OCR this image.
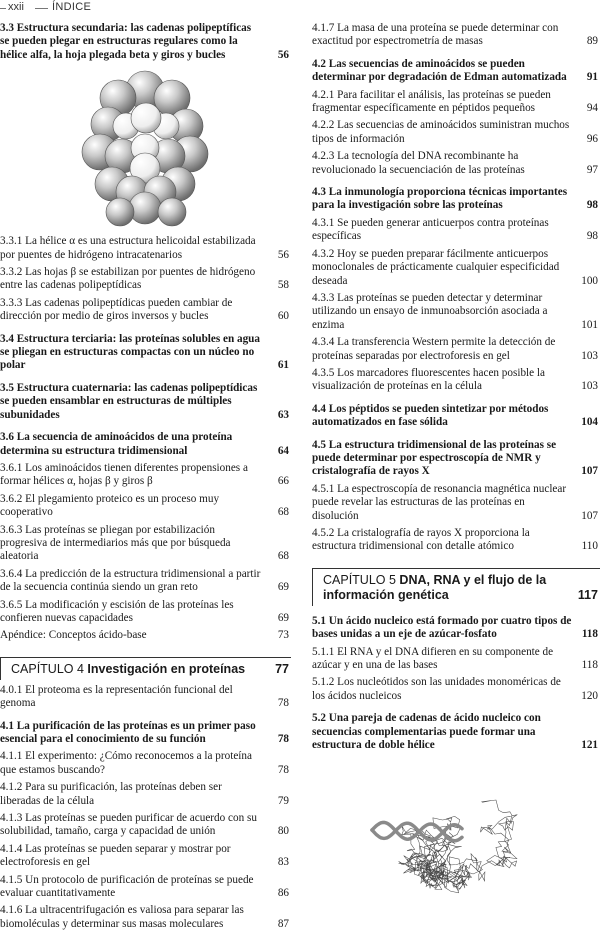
xxii	ÍNDICE
3.3 Estructura secundaria: las cadenas polipeptíficas se pueden plegar en estructuras regulares como la hélice alfa, la hoja plegada beta y giros y bucles	56
3.3.1 La hélice α es una estructura helicoidal estabilizada por puentes de hidrógeno intracatenarios	56
3.3.2 Las hojas β se estabilizan por puentes de hidrógeno entre las cadenas polipeptídicas	58
3.3.3 Las cadenas polipeptídicas pueden cambiar de dirección por medio de giros inversos y bucles	60
3.4 Estructura terciaria: las proteínas solubles en agua se pliegan en estructuras compactas con un núcleo no polar	61
3.5 Estructura cuaternaria: las cadenas polipeptídicas se pueden ensamblar en estructuras de múltiples subunidades	63
3.6 La secuencia de aminoácidos de una proteína determina su estructura tridimensional	64
3.6.1 Los aminoácidos tienen diferentes propensiones a formar hélices α, hojas β y giros β	66
3.6.2 El plegamiento proteico es un proceso muy cooperativo	68
3.6.3 Las proteínas se pliegan por estabilización progresiva de intermediarios más que por búsqueda aleatoria	68
3.6.4 La predicción de la estructura tridimensional a partir de la secuencia continúa siendo un gran reto	69
3.6.5 La modificación y escisión de las proteínas les confieren nuevas capacidades	69
Apéndice: Conceptos ácido-base	73
CAPÍTULO 4 Investigación en proteínas 77
4.0.1 El proteoma es la representación funcional del genoma	78
4.1 La purificación de las proteínas es un primer paso esencial para el conocimiento de su función	78
4.1.1 El experimento: ¿Cómo reconocemos a la proteína que estamos buscando?	78
4.1.2 Para su purificación, las proteínas deben ser liberadas de la célula	79
4.1.3 Las proteínas se pueden purificar de acuerdo con su solubilidad, tamaño, carga y capacidad de unión	80
4.1.4 Las proteínas se pueden separar y mostrar por electroforesis en gel	83
4.1.5 Un protocolo de purificación de proteínas se puede evaluar cuantitativamente	86
4.1.6 La ultracentrifugación es valiosa para separar las biomoléculas y determinar sus masas moleculares	87
4.1.7 La masa de una proteína se puede determinar con exactitud por espectrometría de masas	89
4.2 Las secuencias de aminoácidos se pueden determinar por degradación de Edman automatizada 91
4.2.1 Para facilitar el análisis, las proteínas se pueden fragmentar específicamente en péptidos pequeños	94
4.2.2 Las secuencias de aminoácidos suministran muchos tipos de información	96
4.2.3 La tecnología del DNA recombinante ha revolucionado la secuenciación de las proteínas	97
4.3 La inmunología proporciona técnicas importantes para la investigación sobre las proteínas	98
4.3.1 Se pueden generar anticuerpos contra proteínas específicas	98
4.3.2 Hoy se pueden preparar fácilmente anticuerpos monoclonales de prácticamente cualquier especificidad deseada	100
4.3.3 Las proteínas se pueden detectar y determinar utilizando un ensayo de inmunoabsorción asociada a enzima	101
4.3.4 La transferencia Western permite la detección de proteínas separadas por electroforesis en gel	103
4.3.5 Los marcadores fluorescentes hacen posible la visualización de proteínas en la célula	103
4.4 Los péptidos se pueden sintetizar por métodos automatizados en fase sólida	104
4.5 La estructura tridimensional de las proteínas se puede determinar por espectroscopía de NMR y cristalografía de rayos X	107
4.5.1 La espectroscopía de resonancia magnética nuclear puede revelar las estructuras de las proteínas en disolución	107
4.5.2 La cristalografía de rayos X proporciona la estructura tridimensional con detalle atómico	110
CAPÍTULO 5 DNA, RNA y el flujo de la información genética	117
5.1 Un ácido nucleico está formado por cuatro tipos de bases unidas a un eje de azúcar-fosfato	118
5.1.1 El RNA y el DNA difieren en su componente de azúcar y en una de las bases	118
5.1.2 Los nucleótidos son las unidades monoméricas de los ácidos nucleicos	120
5.2 Una pareja de cadenas de ácido nucleico con secuencias complementarias puede formar una estructura de doble hélice	121
